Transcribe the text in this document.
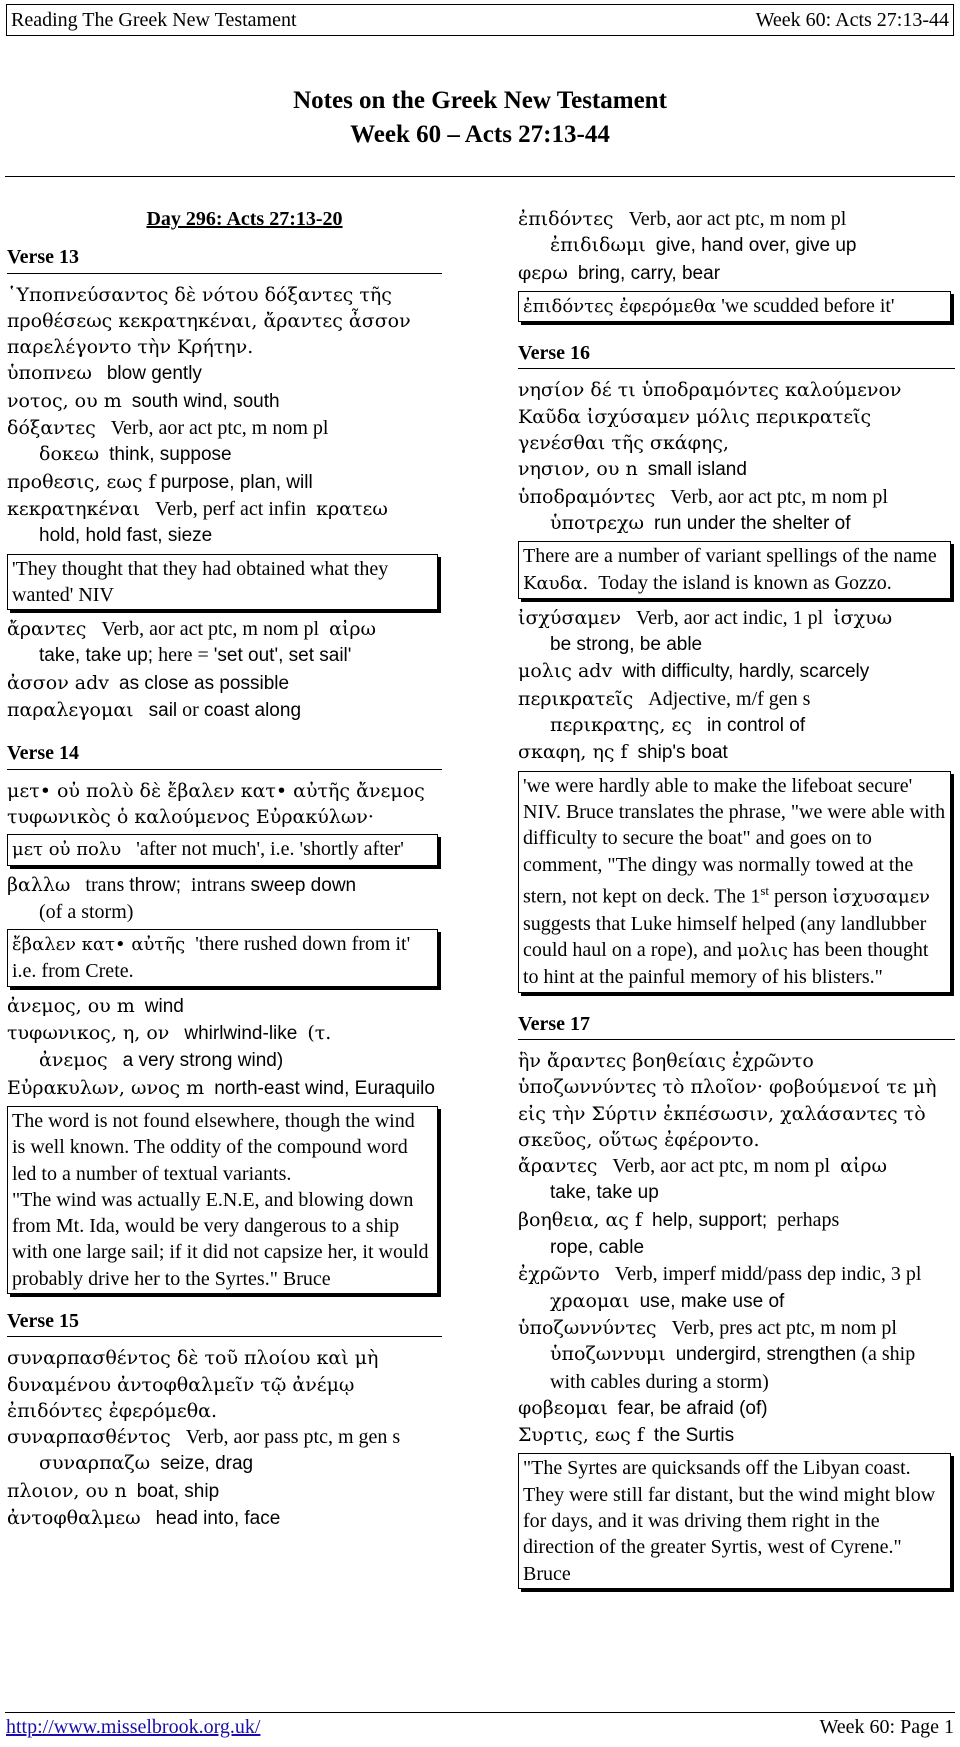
Reading The Greek New Testament	Week 60: Acts 27:13-44
Notes on the Greek New Testament
Week 60 – Acts 27:13-44
Day 296: Acts 27:13-20
Verse 13
῾Υποπνεύσαντος δὲ νότου δόξαντες τῆς προθέσεως κεκρατηκέναι, ἄραντες ἆσσον παρελέγοντο τὴν Κρήτην.
ὑποπνεω blow gently
νοτος, ου m south wind, south
δόξαντες Verb, aor act ptc, m nom pl
δοκεω think, suppose
προθεσις, εως f purpose, plan, will
κεκρατηκέναι Verb, perf act infin κρατεω
hold, hold fast, sieze
'They thought that they had obtained what they wanted' NIV
ἄραντες Verb, aor act ptc, m nom pl αἰρω
take, take up; here = 'set out', set sail'
ἀσσον adv as close as possible
παραλεγομαι sail or coast along
Verse 14
μετ• οὐ πολὺ δὲ ἔβαλεν κατ• αὐτῆς ἄνεμος τυφωνικὸς ὁ καλούμενος Εὐρακύλων·
μετ οὐ πολυ 'after not much', i.e. 'shortly after'
βαλλω trans throw; intrans sweep down
(of a storm)
ἔβαλεν κατ• αὐτῆς 'there rushed down from it' i.e. from Crete.
ἀνεμος, ου m wind
τυφωνικος, η, ον whirlwind-like (τ.
ἀνεμος a very strong wind)
Εὐρακυλων, ωνος m north-east wind, Euraquilo
The word is not found elsewhere, though the wind is well known. The oddity of the compound word led to a number of textual variants.
"The wind was actually E.N.E, and blowing down from Mt. Ida, would be very dangerous to a ship with one large sail; if it did not capsize her, it would probably drive her to the Syrtes." Bruce
Verse 15
συναρπασθέντος δὲ τοῦ πλοίου καὶ μὴ δυναμένου ἀντοφθαλμεῖν τῷ ἀνέμῳ ἐπιδόντες ἐφερόμεθα.
συναρπασθέντος Verb, aor pass ptc, m gen s
συναρπαζω seize, drag
πλοιον, ου n boat, ship
ἀντοφθαλμεω head into, face
ἐπιδόντες Verb, aor act ptc, m nom pl
ἐπιδιδωμι give, hand over, give up
φερω bring, carry, bear
ἐπιδόντες ἐφερόμεθα 'we scudded before it'
Verse 16
νησίον δέ τι ὑποδραμόντες καλούμενον Καῦδα ἰσχύσαμεν μόλις περικρατεῖς γενέσθαι τῆς σκάφης,
νησιον, ου n small island
ὑποδραμόντες Verb, aor act ptc, m nom pl
ὑποτρεχω run under the shelter of
There are a number of variant spellings of the name Καυδα. Today the island is known as Gozzo.
ἰσχύσαμεν Verb, aor act indic, 1 pl ἰσχυω
be strong, be able
μολις adv with difficulty, hardly, scarcely
περικρατεῖς Adjective, m/f gen s
περικρατης, ες in control of
σκαφη, ης f ship's boat
'we were hardly able to make the lifeboat secure' NIV. Bruce translates the phrase, "we were able with difficulty to secure the boat" and goes on to comment, "The dingy was normally towed at the stern, not kept on deck. The 1st person ἰσχυσαμεν suggests that Luke himself helped (any landlubber could haul on a rope), and μολις has been thought to hint at the painful memory of his blisters."
Verse 17
ἣν ἄραντες βοηθείαις ἐχρῶντο ὑποζωννύντες τὸ πλοῖον· φοβούμενοί τε μὴ εἰς τὴν Σύρτιν ἐκπέσωσιν, χαλάσαντες τὸ σκεῦος, οὕτως ἐφέροντο.
ἄραντες Verb, aor act ptc, m nom pl αἰρω
take, take up
βοηθεια, ας f help, support; perhaps
rope, cable
ἐχρῶντο Verb, imperf midd/pass dep indic, 3 pl
χραομαι use, make use of
ὑποζωννύντες Verb, pres act ptc, m nom pl
ὑποζωννυμι undergird, strengthen (a ship with cables during a storm)
φοβεομαι fear, be afraid (of)
Συρτις, εως f the Surtis
"The Syrtes are quicksands off the Libyan coast. They were still far distant, but the wind might blow for days, and it was driving them right in the direction of the greater Syrtis, west of Cyrene." Bruce
http://www.misselbrook.org.uk/	Week 60: Page 1
